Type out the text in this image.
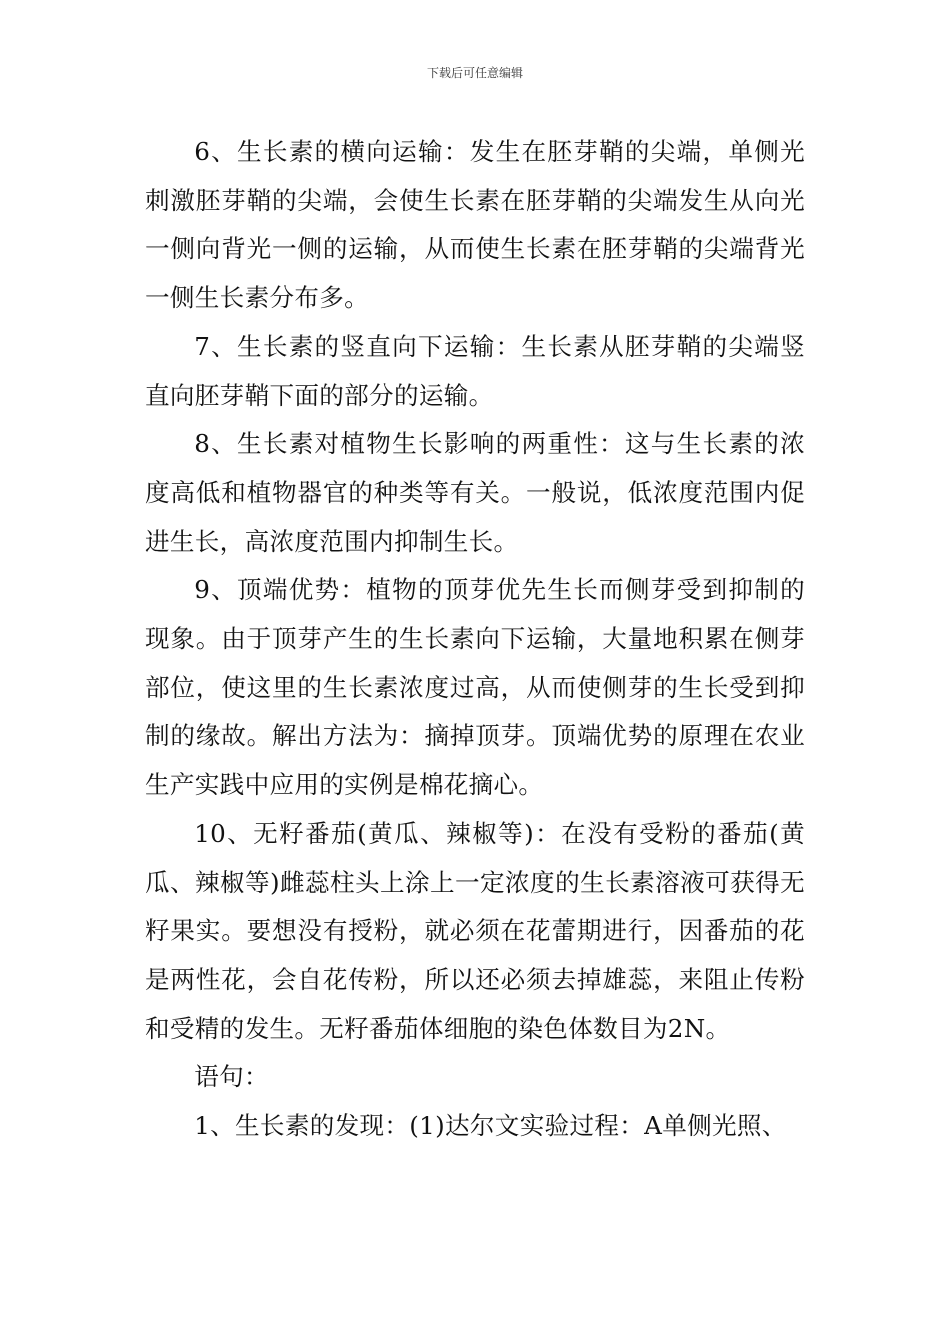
下载后可任意编辑

6、生长素的横向运输：发生在胚芽鞘的尖端，单侧光刺激胚芽鞘的尖端，会使生长素在胚芽鞘的尖端发生从向光一侧向背光一侧的运输，从而使生长素在胚芽鞘的尖端背光一侧生长素分布多。

7、生长素的竖直向下运输：生长素从胚芽鞘的尖端竖直向胚芽鞘下面的部分的运输。

8、生长素对植物生长影响的两重性：这与生长素的浓度高低和植物器官的种类等有关。一般说，低浓度范围内促进生长，高浓度范围内抑制生长。

9、顶端优势：植物的顶芽优先生长而侧芽受到抑制的现象。由于顶芽产生的生长素向下运输，大量地积累在侧芽部位，使这里的生长素浓度过高，从而使侧芽的生长受到抑制的缘故。解出方法为：摘掉顶芽。顶端优势的原理在农业生产实践中应用的实例是棉花摘心。

10、无籽番茄(黄瓜、辣椒等)：在没有受粉的番茄(黄瓜、辣椒等)雌蕊柱头上涂上一定浓度的生长素溶液可获得无籽果实。要想没有授粉，就必须在花蕾期进行，因番茄的花是两性花，会自花传粉，所以还必须去掉雄蕊，来阻止传粉和受精的发生。无籽番茄体细胞的染色体数目为2N。

语句：

1、生长素的发现：(1)达尔文实验过程：A单侧光照、
